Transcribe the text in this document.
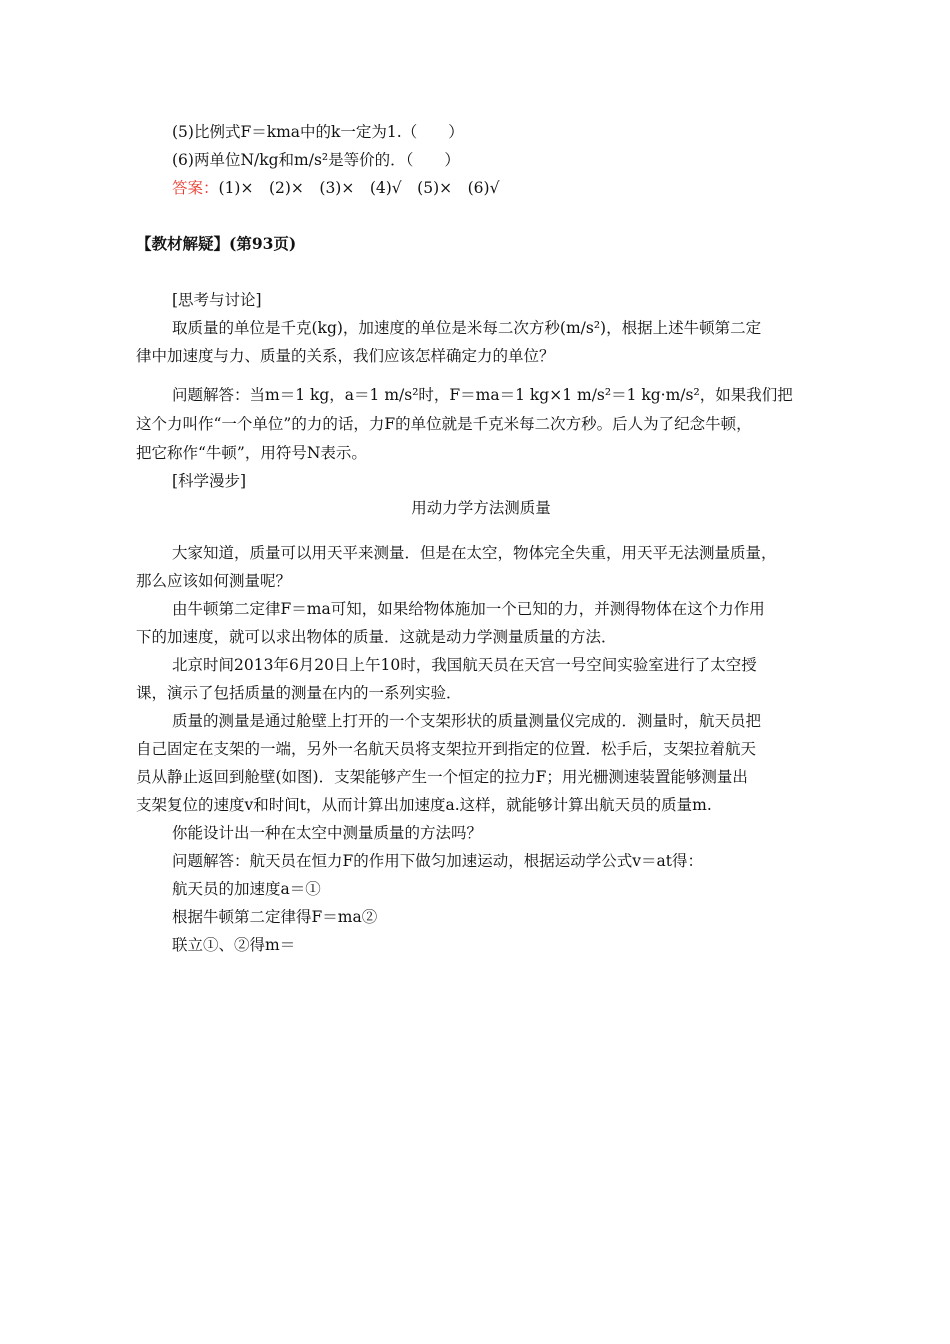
(5)比例式F＝kma中的k一定为1.（　　）
(6)两单位N/kg和m/s²是等价的．（　　）
答案：(1)×　(2)×　(3)×　(4)√　(5)×　(6)√
【教材解疑】(第93页)
[思考与讨论]
取质量的单位是千克(kg)，加速度的单位是米每二次方秒(m/s²)，根据上述牛顿第二定
律中加速度与力、质量的关系，我们应该怎样确定力的单位？
问题解答：当m＝1 kg，a＝1 m/s²时，F＝ma＝1 kg×1 m/s²＝1 kg·m/s²，如果我们把
这个力叫作“一个单位”的力的话，力F的单位就是千克米每二次方秒。后人为了纪念牛顿，
把它称作“牛顿”，用符号N表示。
[科学漫步]
用动力学方法测质量
大家知道，质量可以用天平来测量．但是在太空，物体完全失重，用天平无法测量质量，
那么应该如何测量呢？
由牛顿第二定律F＝ma可知，如果给物体施加一个已知的力，并测得物体在这个力作用
下的加速度，就可以求出物体的质量．这就是动力学测量质量的方法．
北京时间2013年6月20日上午10时，我国航天员在天宫一号空间实验室进行了太空授
课，演示了包括质量的测量在内的一系列实验．
质量的测量是通过舱壁上打开的一个支架形状的质量测量仪完成的．测量时，航天员把
自己固定在支架的一端，另外一名航天员将支架拉开到指定的位置．松手后，支架拉着航天
员从静止返回到舱壁(如图)．支架能够产生一个恒定的拉力F；用光栅测速装置能够测量出
支架复位的速度v和时间t，从而计算出加速度a.这样，就能够计算出航天员的质量m.
你能设计出一种在太空中测量质量的方法吗？
问题解答：航天员在恒力F的作用下做匀加速运动，根据运动学公式v＝at得：
航天员的加速度a＝①
根据牛顿第二定律得F＝ma②
联立①、②得m＝
